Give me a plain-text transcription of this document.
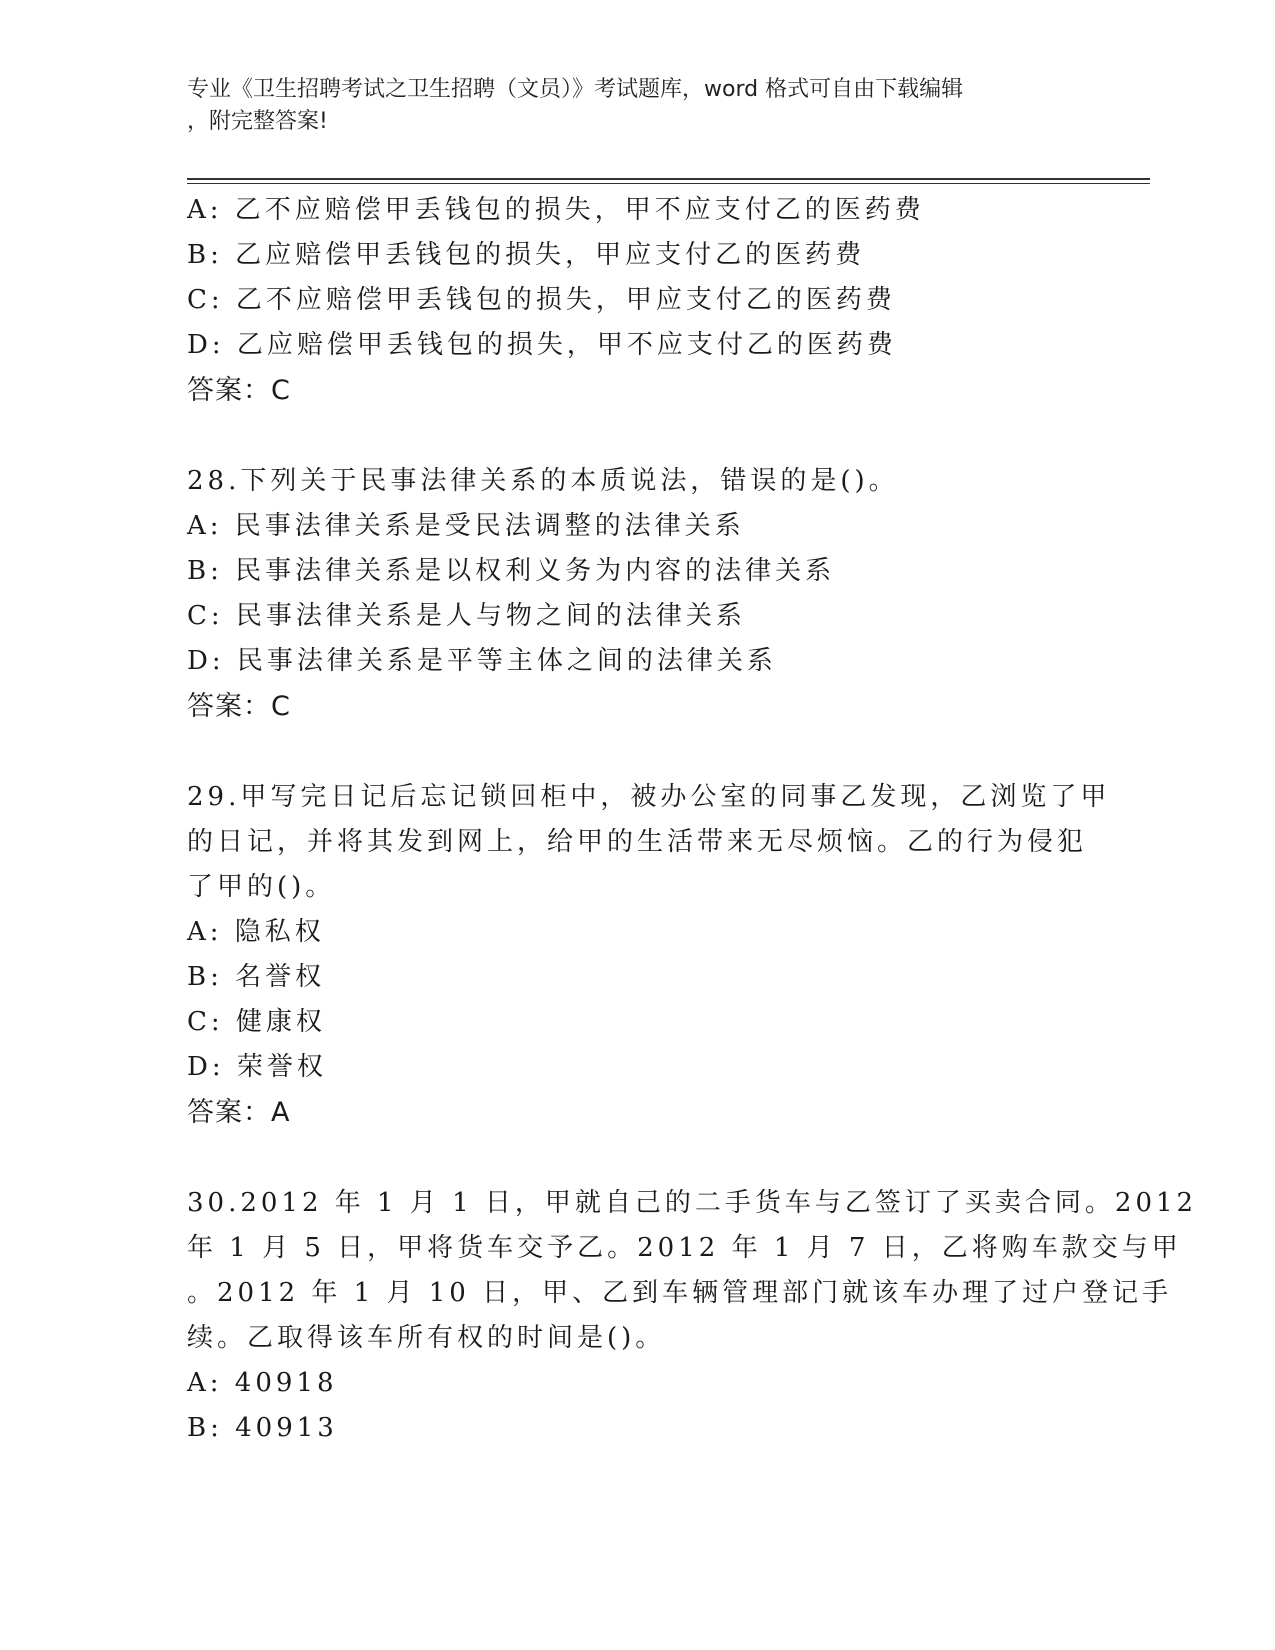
专业《卫生招聘考试之卫生招聘（文员）》考试题库，word 格式可自由下载编辑
，附完整答案!
A: 乙不应赔偿甲丢钱包的损失，甲不应支付乙的医药费
B: 乙应赔偿甲丢钱包的损失，甲应支付乙的医药费
C: 乙不应赔偿甲丢钱包的损失，甲应支付乙的医药费
D: 乙应赔偿甲丢钱包的损失，甲不应支付乙的医药费
答案：C
28.下列关于民事法律关系的本质说法，错误的是()。
A: 民事法律关系是受民法调整的法律关系
B: 民事法律关系是以权利义务为内容的法律关系
C: 民事法律关系是人与物之间的法律关系
D: 民事法律关系是平等主体之间的法律关系
答案：C
29.甲写完日记后忘记锁回柜中，被办公室的同事乙发现，乙浏览了甲
的日记，并将其发到网上，给甲的生活带来无尽烦恼。乙的行为侵犯
了甲的()。
A: 隐私权
B: 名誉权
C: 健康权
D: 荣誉权
答案：A
30.2012 年 1 月 1 日，甲就自己的二手货车与乙签订了买卖合同。2012
年 1 月 5 日，甲将货车交予乙。2012 年 1 月 7 日，乙将购车款交与甲
。2012 年 1 月 10 日，甲、乙到车辆管理部门就该车办理了过户登记手
续。乙取得该车所有权的时间是()。
A: 40918
B: 40913
